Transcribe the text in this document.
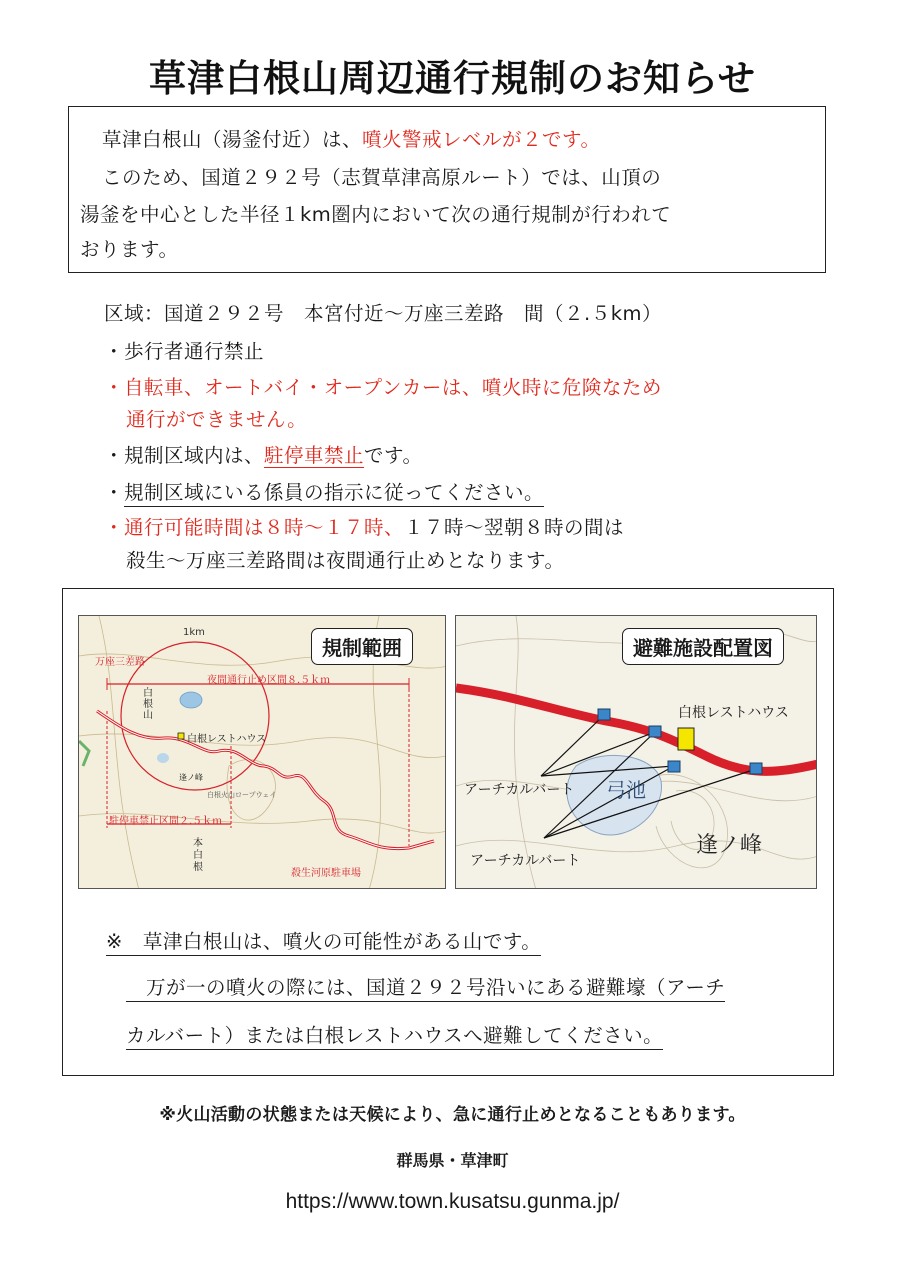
草津白根山周辺通行規制のお知らせ
草津白根山（湯釜付近）は、噴火警戒レベルが２です。
このため、国道２９２号（志賀草津高原ルート）では、山頂の
湯釜を中心とした半径１km圏内において次の通行規制が行われて
おります。
区域：国道２９２号　本宮付近～万座三差路　間（２.５km）
・歩行者通行禁止
・自転車、オートバイ・オープンカーは、噴火時に危険なため
通行ができません。
・規制区域内は、駐停車禁止です。
・規制区域にいる係員の指示に従ってください。
・通行可能時間は８時～１７時、１７時～翌朝８時の間は
殺生～万座三差路間は夜間通行止めとなります。
規制範囲
1km
万座三差路
夜間通行止め区間８.５ｋｍ
白根山
白根レストハウス
逢ノ峰
白根火山ロープウェイ
駐停車禁止区間２.５ｋｍ
殺生河原駐車場
本白根
避難施設配置図
白根レストハウス
アーチカルバート
アーチカルバート
弓池
逢ノ峰
※　草津白根山は、噴火の可能性がある山です。
　万が一の噴火の際には、国道２９２号沿いにある避難壕（アーチ
カルバート）または白根レストハウスへ避難してください。
※火山活動の状態または天候により、急に通行止めとなることもあります。
群馬県・草津町
https://www.town.kusatsu.gunma.jp/
